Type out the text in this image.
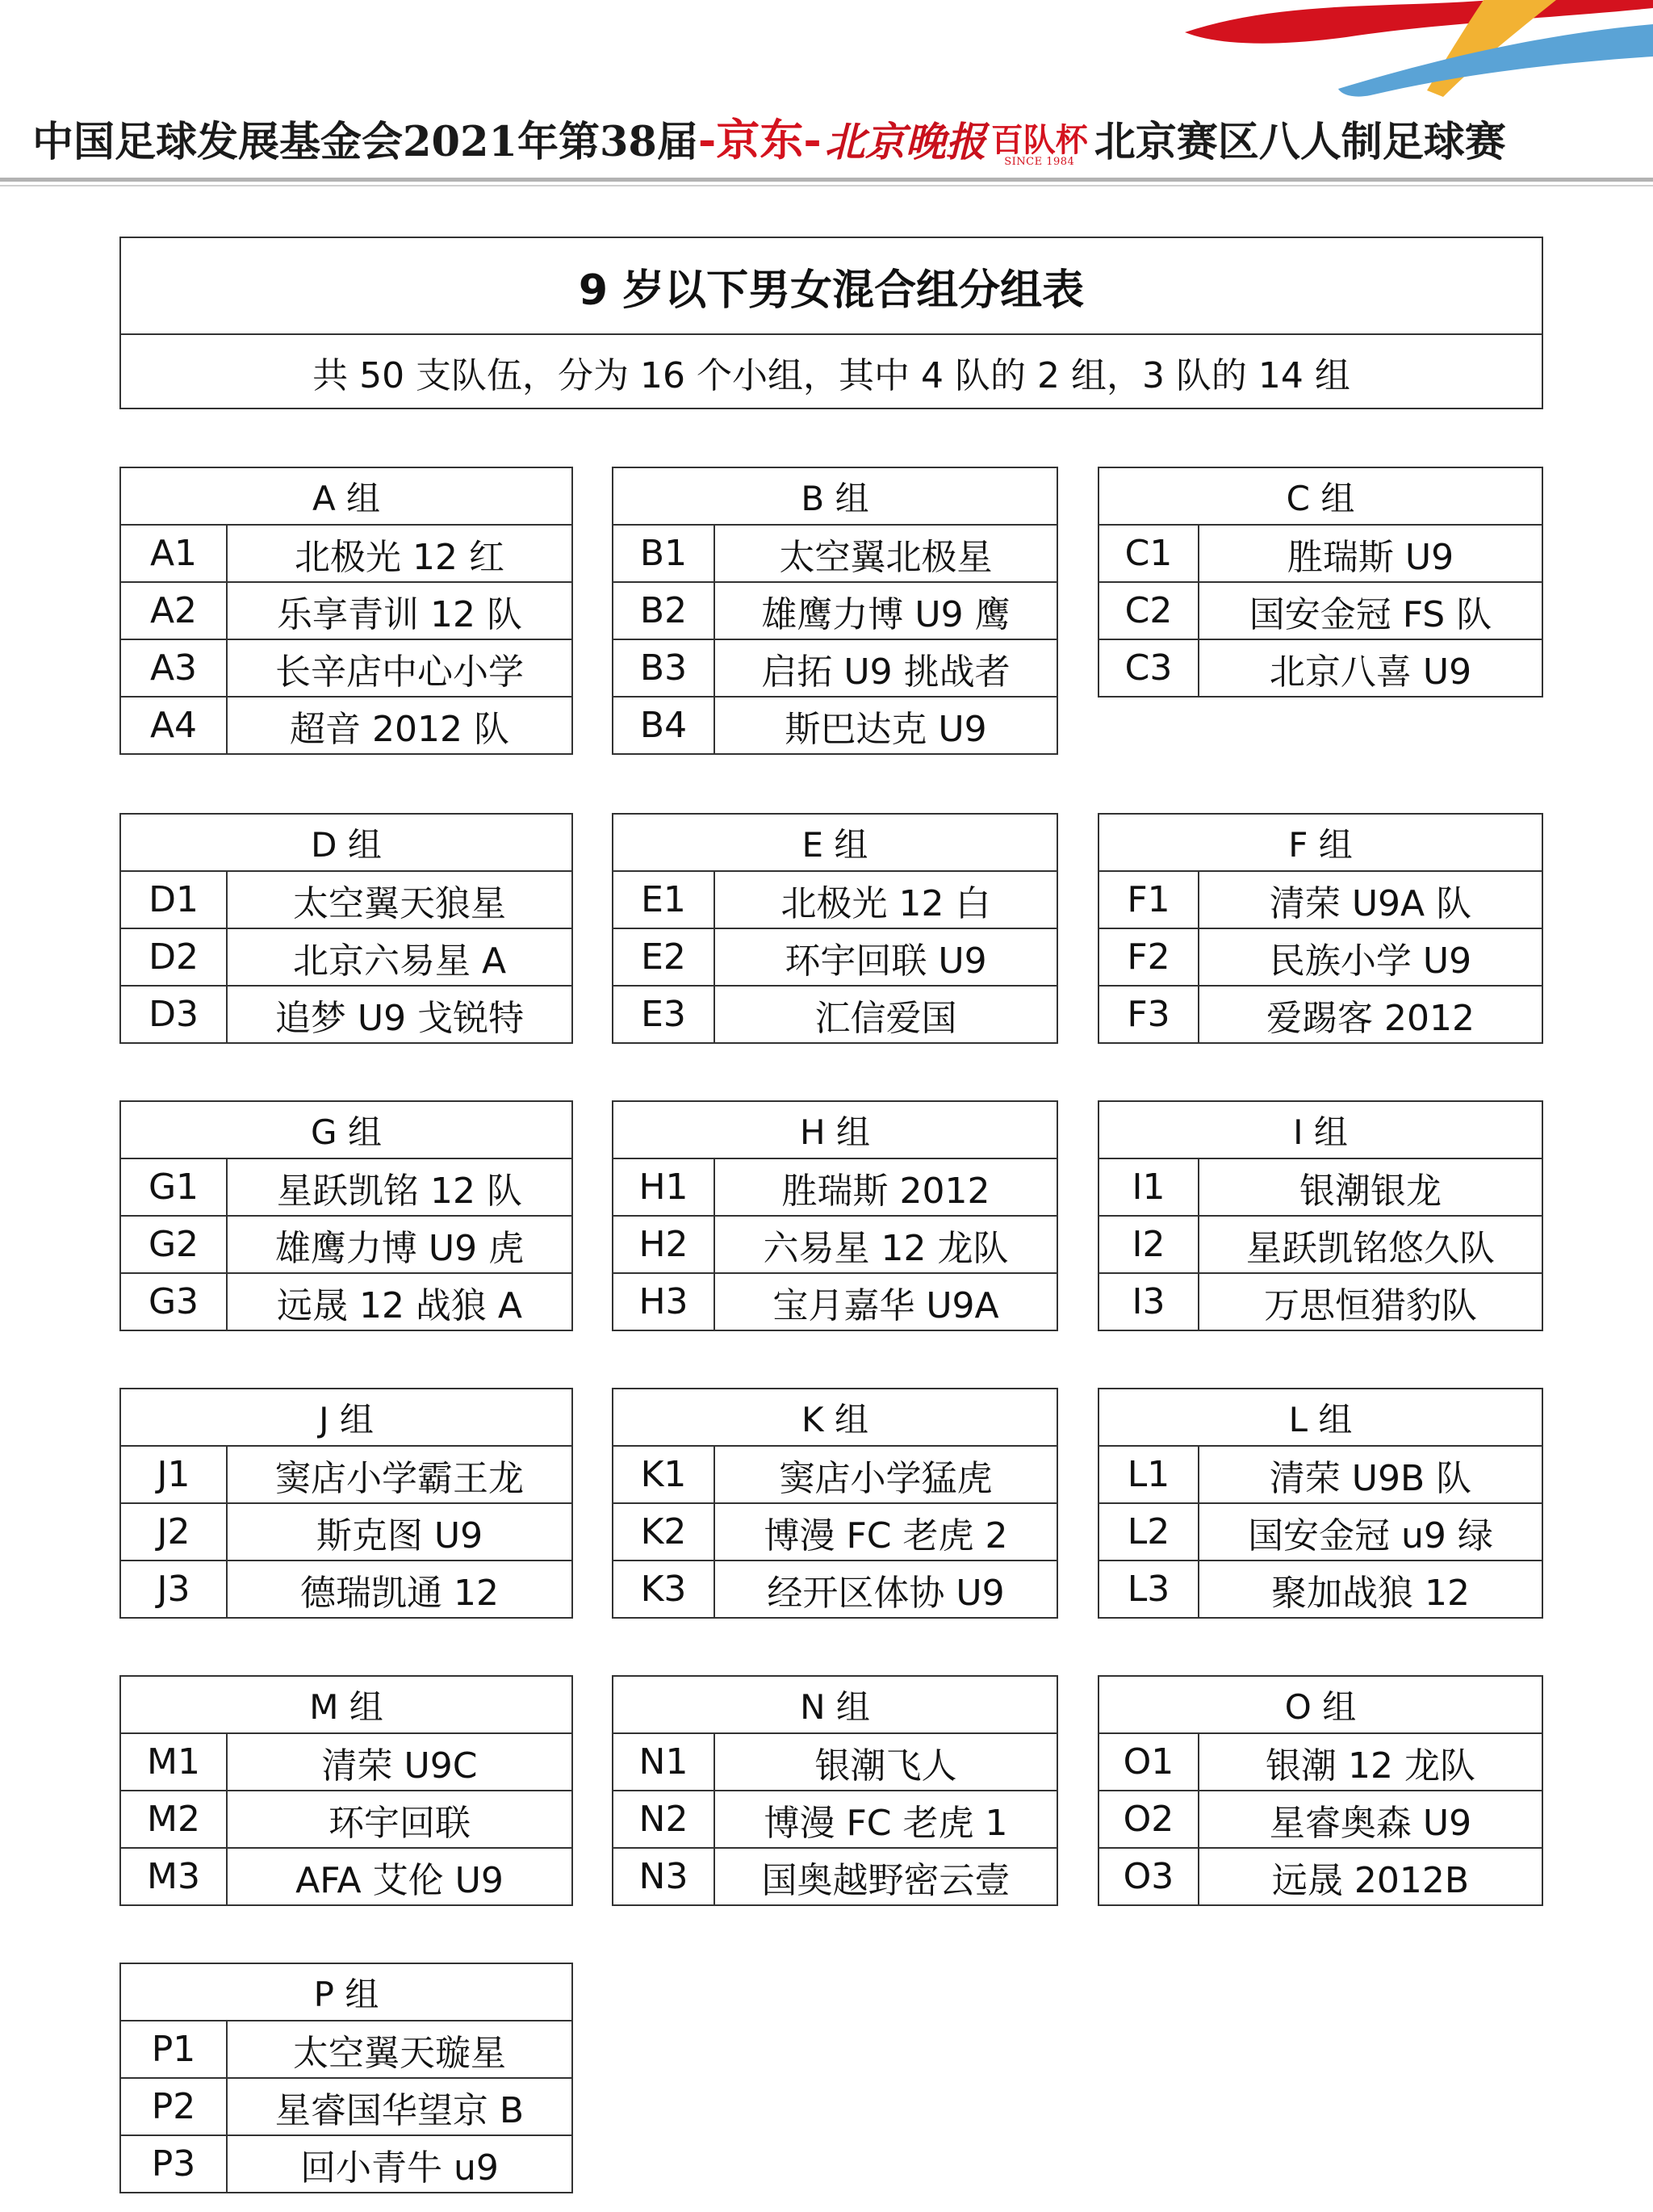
中国足球发展基金会2021年第38届 -京东- 北京晚报 百队杯
SINCE 1984 北京赛区八人制足球赛
9 岁以下男女混合组分组表
共 50 支队伍，分为 16 个小组，其中 4 队的 2 组，3 队的 14 组
A 组	
A1	北极光 12 红
A2	乐享青训 12 队
A3	长辛店中心小学
A4	超音 2012 队
B 组	
B1	太空翼北极星
B2	雄鹰力博 U9 鹰
B3	启拓 U9 挑战者
B4	斯巴达克 U9
C 组	
C1	胜瑞斯 U9
C2	国安金冠 FS 队
C3	北京八喜 U9
D 组	
D1	太空翼天狼星
D2	北京六易星 A
D3	追梦 U9 戈锐特
E 组	
E1	北极光 12 白
E2	环宇回联 U9
E3	汇信爱国
F 组	
F1	清荣 U9A 队
F2	民族小学 U9
F3	爱踢客 2012
G 组	
G1	星跃凯铭 12 队
G2	雄鹰力博 U9 虎
G3	远晟 12 战狼 A
H 组	
H1	胜瑞斯 2012
H2	六易星 12 龙队
H3	宝月嘉华 U9A
I 组	
I1	银潮银龙
I2	星跃凯铭悠久队
I3	万思恒猎豹队
J 组	
J1	窦店小学霸王龙
J2	斯克图 U9
J3	德瑞凯通 12
K 组	
K1	窦店小学猛虎
K2	博漫 FC 老虎 2
K3	经开区体协 U9
L 组	
L1	清荣 U9B 队
L2	国安金冠 u9 绿
L3	聚加战狼 12
M 组	
M1	清荣 U9C
M2	环宇回联
M3	AFA 艾伦 U9
N 组	
N1	银潮飞人
N2	博漫 FC 老虎 1
N3	国奥越野密云壹
O 组	
O1	银潮 12 龙队
O2	星睿奥森 U9
O3	远晟 2012B
P 组	
P1	太空翼天璇星
P2	星睿国华望京 B
P3	回小青牛 u9
